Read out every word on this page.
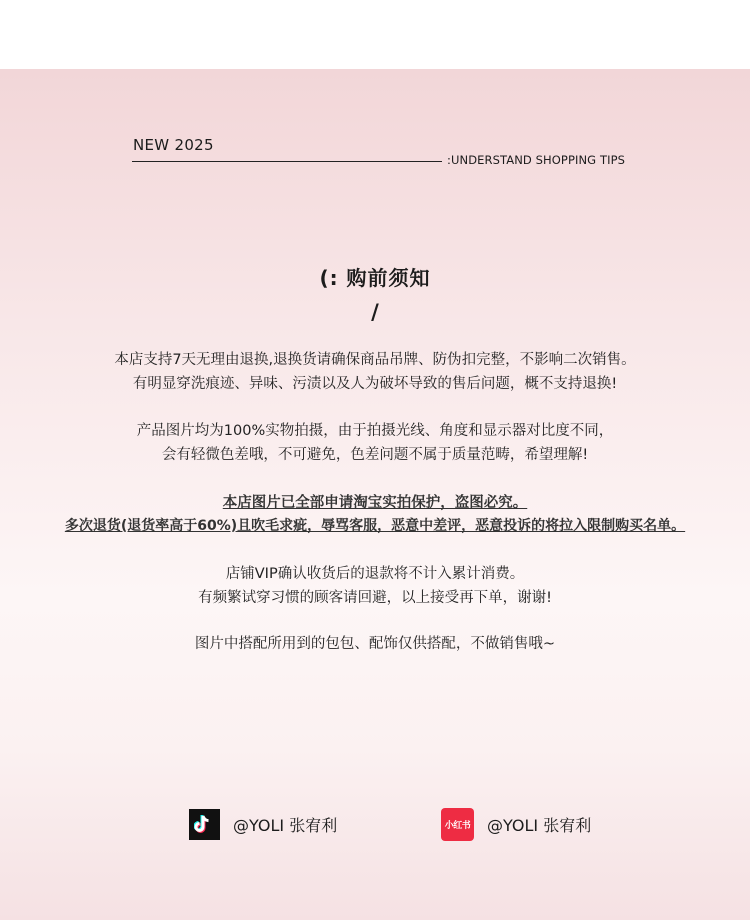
NEW 2025
:UNDERSTAND SHOPPING TIPS
(: 购前须知
/
本店支持7天无理由退换,退换货请确保商品吊牌、防伪扣完整，不影响二次销售。
有明显穿洗痕迹、异味、污渍以及人为破坏导致的售后问题，概不支持退换!
产品图片均为100%实物拍摄，由于拍摄光线、角度和显示器对比度不同，
会有轻微色差哦，不可避免，色差问题不属于质量范畴，希望理解!
本店图片已全部申请淘宝实拍保护，盗图必究。
多次退货(退货率高于60%)且吹毛求疵，辱骂客服，恶意中差评，恶意投诉的将拉入限制购买名单。
店铺VIP确认收货后的退款将不计入累计消费。
有频繁试穿习惯的顾客请回避，以上接受再下单，谢谢!
图片中搭配所用到的包包、配饰仅供搭配，不做销售哦~
@YOLI 张宥利	小红书 @YOLI 张宥利
